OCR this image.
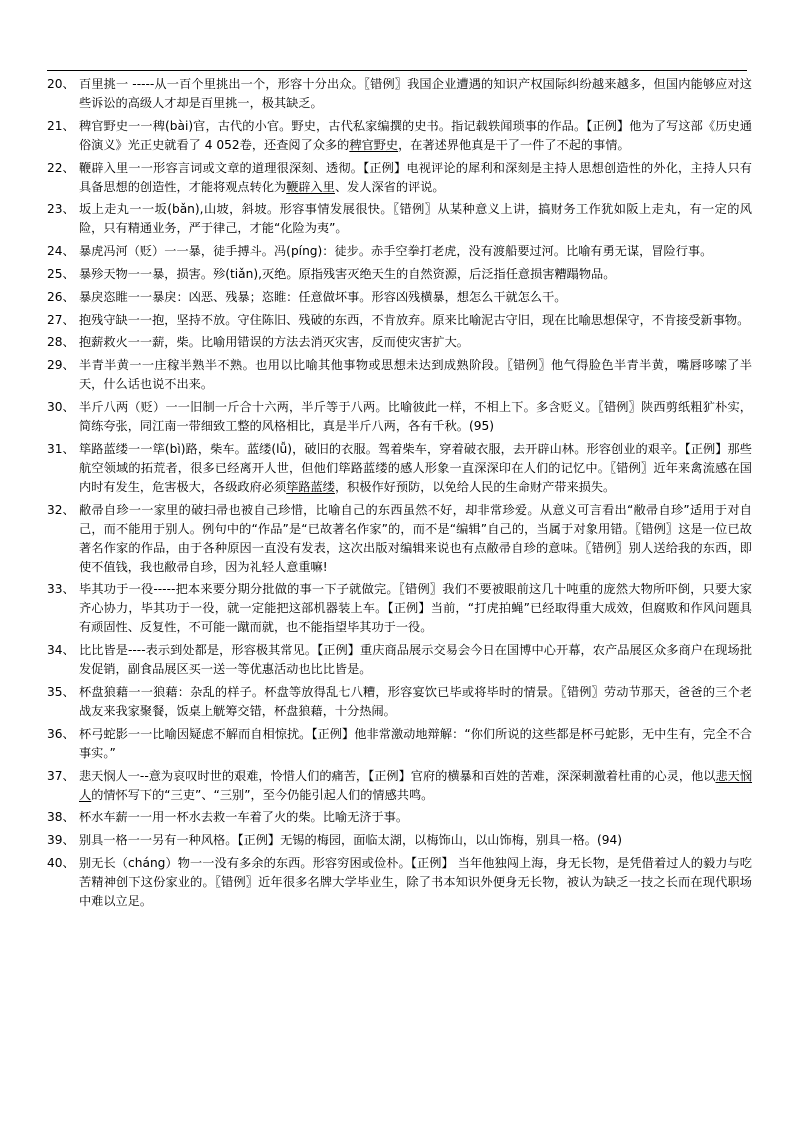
20、 百里挑一 -----从一百个里挑出一个，形容十分出众。〖错例〗我国企业遭遇的知识产权国际纠纷越来越多，但国内能够应对这些诉讼的高级人才却是百里挑一，极其缺乏。
21、 稗官野史一一稗(bài)官，古代的小官。野史，古代私家编撰的史书。指记载轶闻琐事的作品。【正例】他为了写这部《历史通俗演义》光正史就看了 4 052卷，还查阅了众多的稗官野史，在著述界他真是干了一件了不起的事情。
22、 鞭辟入里一一形容言词或文章的道理很深刻、透彻。【正例】电视评论的犀利和深刻是主持人思想创造性的外化，主持人只有具备思想的创造性，才能将观点转化为鞭辟入里、发人深省的评说。
23、 坂上走丸一一坂(bǎn),山坡，斜坡。形容事情发展很快。〖错例〗从某种意义上讲，搞财务工作犹如阪上走丸，有一定的风险，只有精通业务，严于律己，才能“化险为夷”。
24、 暴虎冯河（贬）一一暴，徒手搏斗。冯(píng)：徒步。赤手空拳打老虎，没有渡船要过河。比喻有勇无谋，冒险行事。
25、 暴殄天物一一暴，损害。殄(tiǎn),灭绝。原指残害灭绝天生的自然资源，后泛指任意损害糟蹋物品。
26、 暴戾恣睢一一暴戾：凶恶、残暴；恣睢：任意做坏事。形容凶残横暴，想怎么干就怎么干。
27、 抱残守缺一一抱，坚持不放。守住陈旧、残破的东西，不肯放弃。原来比喻泥古守旧，现在比喻思想保守，不肯接受新事物。
28、 抱薪救火一一薪，柴。比喻用错误的方法去消灭灾害，反而使灾害扩大。
29、 半青半黄一一庄稼半熟半不熟。也用以比喻其他事物或思想未达到成熟阶段。〖错例〗他气得脸色半青半黄，嘴唇哆嗦了半天，什么话也说不出来。
30、 半斤八两（贬）一一旧制一斤合十六两，半斤等于八两。比喻彼此一样，不相上下。多含贬义。〖错例〗陕西剪纸粗犷朴实，简练夸张，同江南一带细致工整的风格相比，真是半斤八两，各有千秋。(95)
31、 筚路蓝缕一一筚(bì)路，柴车。蓝缕(lǚ)，破旧的衣服。驾着柴车，穿着破衣服，去开辟山林。形容创业的艰辛。【正例】那些航空领域的拓荒者，很多已经离开人世，但他们筚路蓝缕的感人形象一直深深印在人们的记忆中。〖错例〗近年来禽流感在国内时有发生，危害极大，各级政府必须筚路蓝缕，积极作好预防，以免给人民的生命财产带来损失。
32、 敝帚自珍一一家里的破扫帚也被自己珍惜，比喻自己的东西虽然不好，却非常珍爱。从意义可言看出“敝帚自珍”适用于对自己，而不能用于别人。例句中的“作品”是“已故著名作家”的，而不是“编辑”自己的，当属于对象用错。〖错例〗这是一位已故著名作家的作品，由于各种原因一直没有发表，这次出版对编辑来说也有点敝帚自珍的意味。〖错例〗别人送给我的东西，即使不值钱，我也敝帚自珍，因为礼轻人意重嘛!
33、 毕其功于一役-----把本来要分期分批做的事一下子就做完。〖错例〗我们不要被眼前这几十吨重的庞然大物所吓倒，只要大家齐心协力，毕其功于一役，就一定能把这部机器装上车。【正例】当前，“打虎拍蝇”已经取得重大成效，但腐败和作风问题具有顽固性、反复性，不可能一蹴而就，也不能指望毕其功于一役。
34、 比比皆是----表示到处都是，形容极其常见。【正例】重庆商品展示交易会今日在国博中心开幕，农产品展区众多商户在现场批发促销，副食品展区买一送一等优惠活动也比比皆是。
35、 杯盘狼藉一一狼藉：杂乱的样子。杯盘等放得乱七八糟，形容宴饮已毕或将毕时的情景。〖错例〗劳动节那天，爸爸的三个老战友来我家聚餐，饭桌上觥筹交错，杯盘狼藉，十分热闹。
36、 杯弓蛇影一一比喻因疑虑不解而自相惊扰。【正例】他非常激动地辩解：“你们所说的这些都是杯弓蛇影，无中生有，完全不合事实。”
37、 悲天悯人一--意为哀叹时世的艰难，怜惜人们的痛苦，【正例】官府的横暴和百姓的苦难，深深刺激着杜甫的心灵，他以悲天悯人的情怀写下的“三吏”、“三别”，至今仍能引起人们的情感共鸣。
38、 杯水车薪一一用一杯水去救一车着了火的柴。比喻无济于事。
39、 别具一格一一另有一种风格。【正例】无锡的梅园，面临太湖，以梅饰山，以山饰梅，别具一格。(94)
40、 别无长（cháng）物一一没有多余的东西。形容穷困或俭朴。【正例】 当年他独闯上海，身无长物，是凭借着过人的毅力与吃苦精神创下这份家业的。〖错例〗近年很多名牌大学毕业生，除了书本知识外便身无长物，被认为缺乏一技之长而在现代职场中难以立足。
